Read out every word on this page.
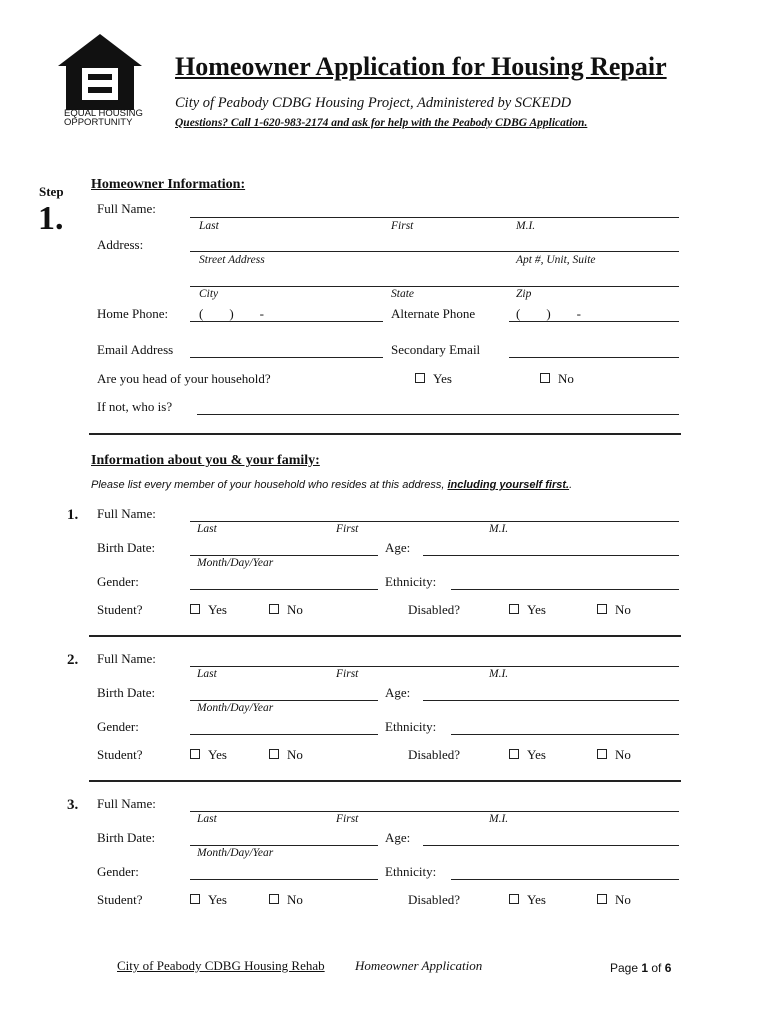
EQUAL HOUSING
OPPORTUNITY
Homeowner Application for Housing Repair
City of Peabody CDBG Housing Project, Administered by SCKEDD
Questions? Call 1-620-983-2174 and ask for help with the Peabody CDBG Application.
Step
1.
Homeowner Information:
Full Name:
Last	First	M.I.
Address:
Street Address	Apt #, Unit, Suite
City	State	Zip
Home Phone: (        )        -	Alternate Phone	(        )        -
Email Address	Secondary Email
Are you head of your household?	Yes	No
If not, who is?
Information about you & your family:
Please list every member of your household who resides at this address, including yourself first..
1. Full Name:
Last	First	M.I.
Birth Date:
Month/Day/Year
Age:
Gender:	Ethnicity:
Student?	Yes	No	Disabled?	Yes	No
2. Full Name:
Last	First	M.I.
Birth Date:
Month/Day/Year
Age:
Gender:	Ethnicity:
Student?	Yes	No	Disabled?	Yes	No
3. Full Name:
Last	First	M.I.
Birth Date:
Month/Day/Year
Age:
Gender:	Ethnicity:
Student?	Yes	No	Disabled?	Yes	No
City of Peabody CDBG Housing Rehab Homeowner Application	Page 1 of 6
